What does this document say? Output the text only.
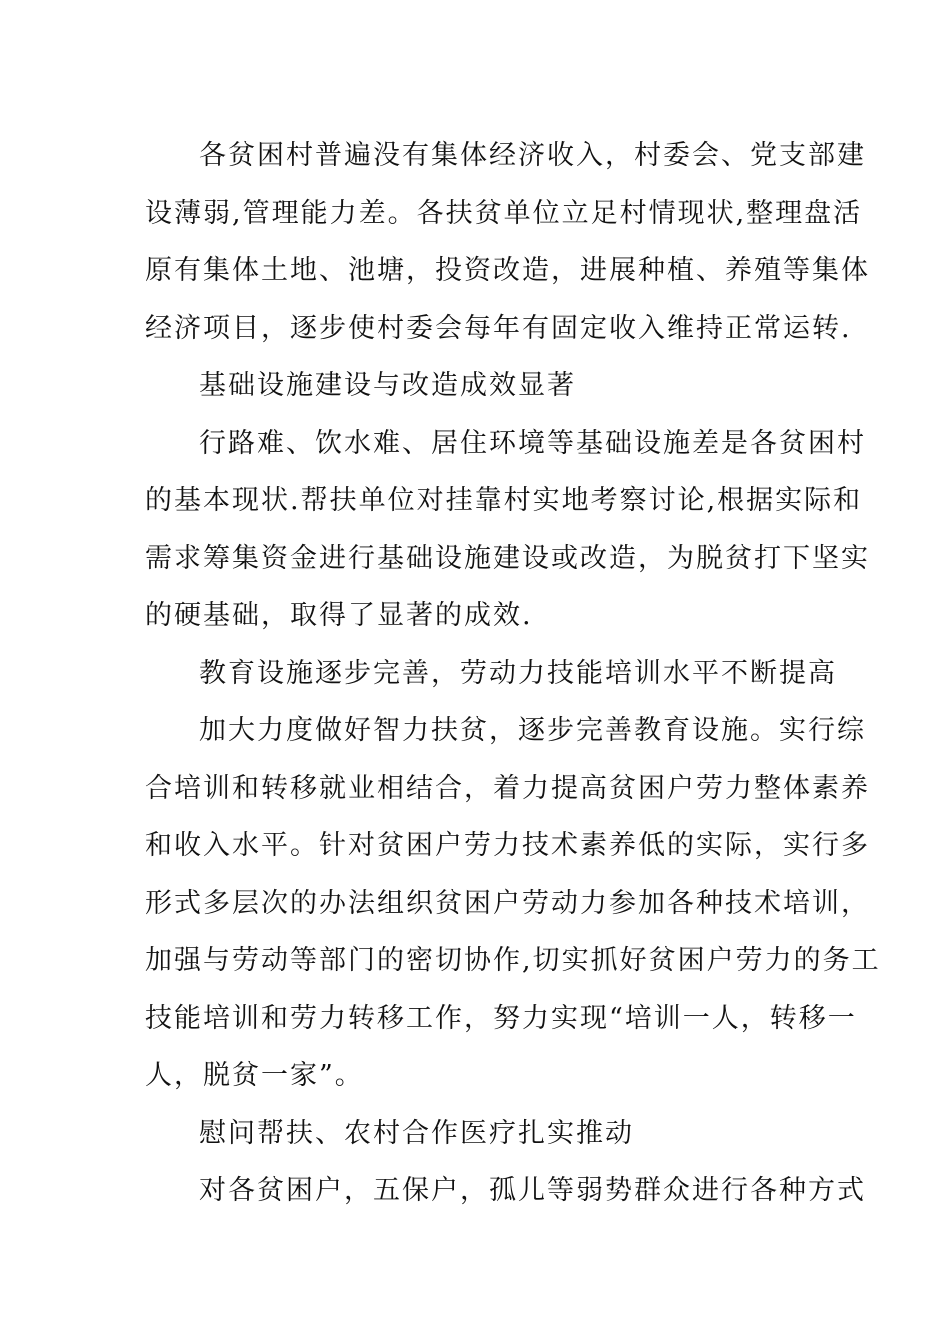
各贫困村普遍没有集体经济收入，村委会、党支部建
设薄弱,管理能力差。各扶贫单位立足村情现状,整理盘活
原有集体土地、池塘，投资改造，进展种植、养殖等集体
经济项目，逐步使村委会每年有固定收入维持正常运转.
基础设施建设与改造成效显著
行路难、饮水难、居住环境等基础设施差是各贫困村
的基本现状.帮扶单位对挂靠村实地考察讨论,根据实际和
需求筹集资金进行基础设施建设或改造，为脱贫打下坚实
的硬基础，取得了显著的成效.
教育设施逐步完善，劳动力技能培训水平不断提高
加大力度做好智力扶贫，逐步完善教育设施。实行综
合培训和转移就业相结合，着力提高贫困户劳力整体素养
和收入水平。针对贫困户劳力技术素养低的实际，实行多
形式多层次的办法组织贫困户劳动力参加各种技术培训，
加强与劳动等部门的密切协作,切实抓好贫困户劳力的务工
技能培训和劳力转移工作，努力实现“培训一人，转移一
人，脱贫一家”。
慰问帮扶、农村合作医疗扎实推动
对各贫困户，五保户，孤儿等弱势群众进行各种方式
